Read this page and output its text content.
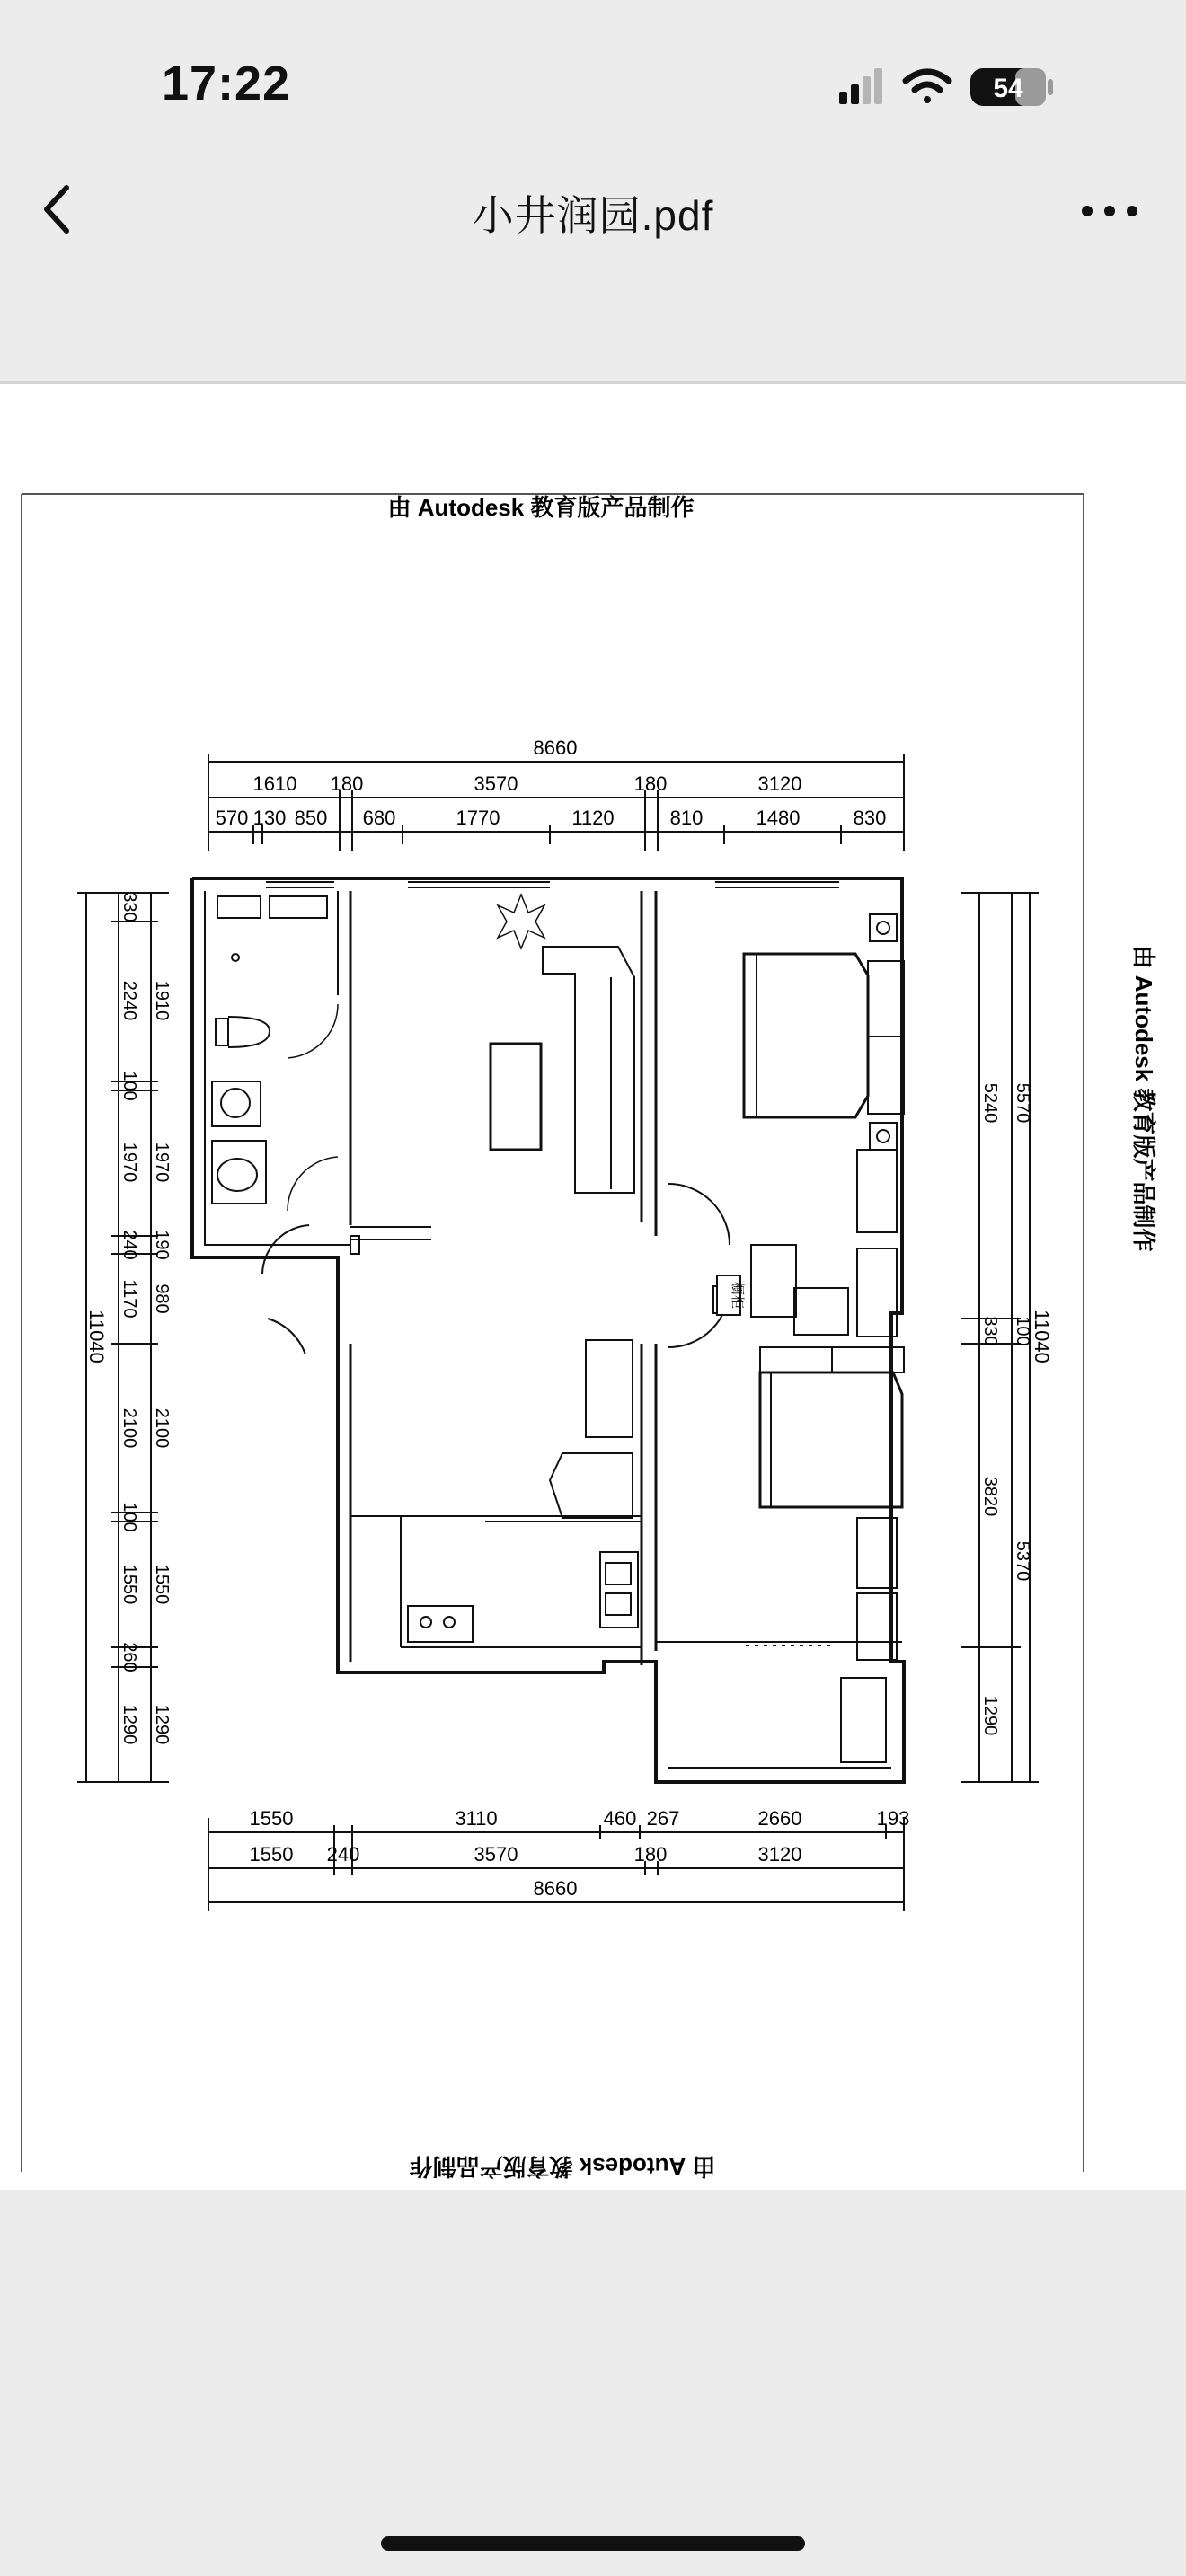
17:22	54
小井润园.pdf
由 Autodesk 教育版产品制作
由 Autodesk 教育版产品制作
由 Autodesk 教育版产品制作
橱柜
8660
1610 180	3570	180	3120
570 130 850 680	1770	1120	810	1480	830
1550	3110	460 267	2660	193
1550 240	3570	180	3120
8660
11040
330
2240
100
1970
240
1170
2100
100
1550
260
1290
1910
1970
190
980
2100
1550
1290
5240
330
3820
1290
5570
100
5370
11040
